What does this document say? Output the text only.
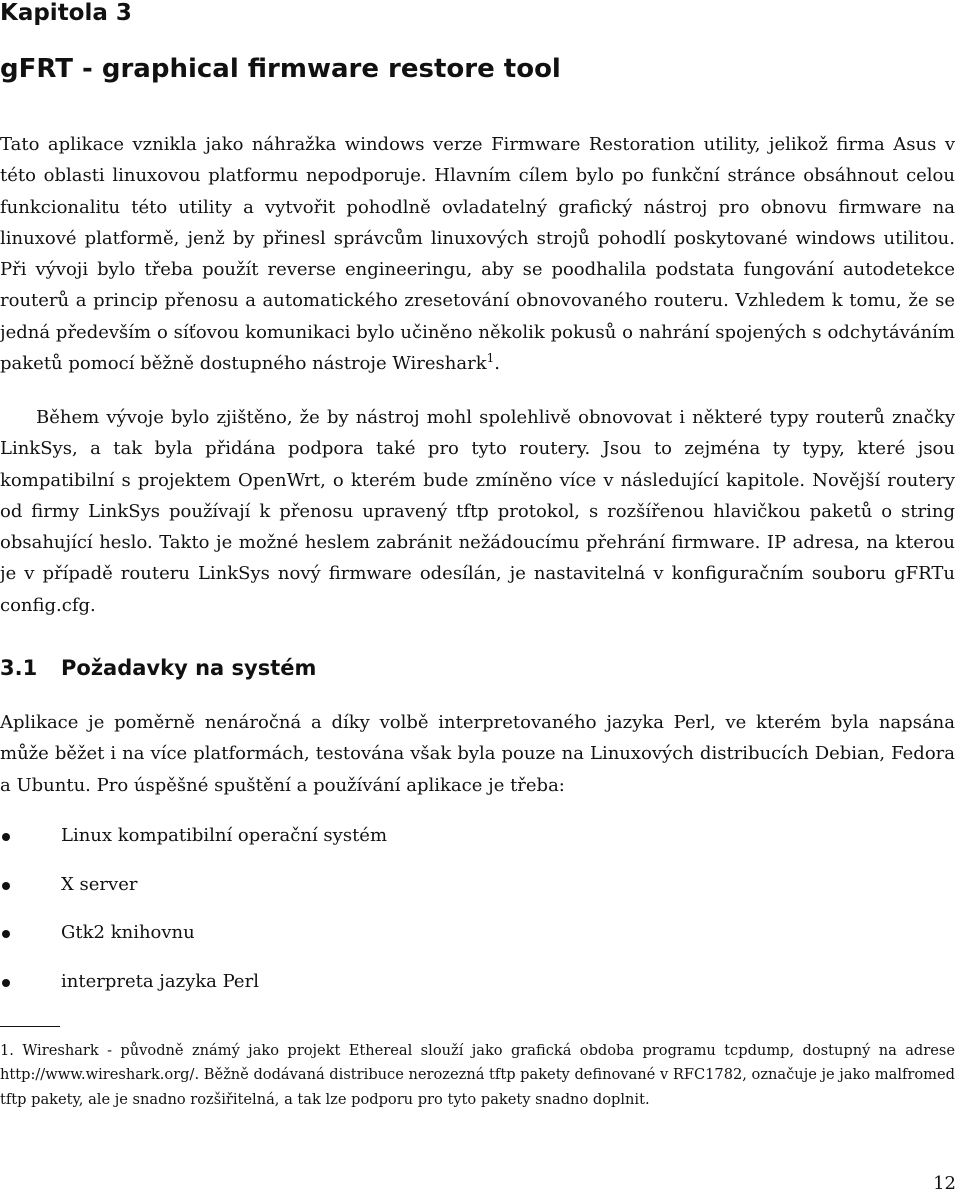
Kapitola 3
gFRT - graphical firmware restore tool

Tato aplikace vznikla jako náhražka windows verze Firmware Restoration utility, jelikož firma Asus v této oblasti linuxovou platformu nepodporuje. Hlavním cílem bylo po funkční stránce obsáhnout celou funkcionalitu této utility a vytvořit pohodlně ovladatelný grafický nástroj pro obnovu firmware na linuxové platformě, jenž by přinesl správcům linuxových strojů pohodlí poskytované windows utilitou. Při vývoji bylo třeba použít reverse engineeringu, aby se poodhalila podstata fungování autodetekce routerů a princip přenosu a automatického zresetování obnovovaného routeru. Vzhledem k tomu, že se jedná především o síťovou komunikaci bylo učiněno několik pokusů o nahrání spojených s odchytáváním paketů pomocí běžně dostupného nástroje Wireshark$^1$.

Během vývoje bylo zjištěno, že by nástroj mohl spolehlivě obnovovat i některé typy routerů značky LinkSys, a tak byla přidána podpora také pro tyto routery. Jsou to zejména ty typy, které jsou kompatibilní s projektem OpenWrt, o kterém bude zmíněno více v následující kapitole. Novější routery od firmy LinkSys používají k přenosu upravený tftp protokol, s rozšířenou hlavičkou paketů o string obsahující heslo. Takto je možné heslem zabránit nežádoucímu přehrání firmware. IP adresa, na kterou je v případě routeru LinkSys nový firmware odesílán, je nastavitelná v konfiguračním souboru gFRTu config.cfg.

3.1 Požadavky na systém

Aplikace je poměrně nenáročná a díky volbě interpretovaného jazyka Perl, ve kterém byla napsána může běžet i na více platformách, testována však byla pouze na Linuxových distribucích Debian, Fedora a Ubuntu. Pro úspěšné spuštění a používání aplikace je třeba:

Linux kompatibilní operační systém
X server
Gtk2 knihovnu
interpreta jazyka Perl

1. Wireshark - původně známý jako projekt Ethereal slouží jako grafická obdoba programu tcpdump, dostupný na adrese http://www.wireshark.org/. Běžně dodávaná distribuce nerozezná tftp pakety definované v RFC1782, označuje je jako malfromed tftp pakety, ale je snadno rozšiřitelná, a tak lze podporu pro tyto pakety snadno doplnit.

12
